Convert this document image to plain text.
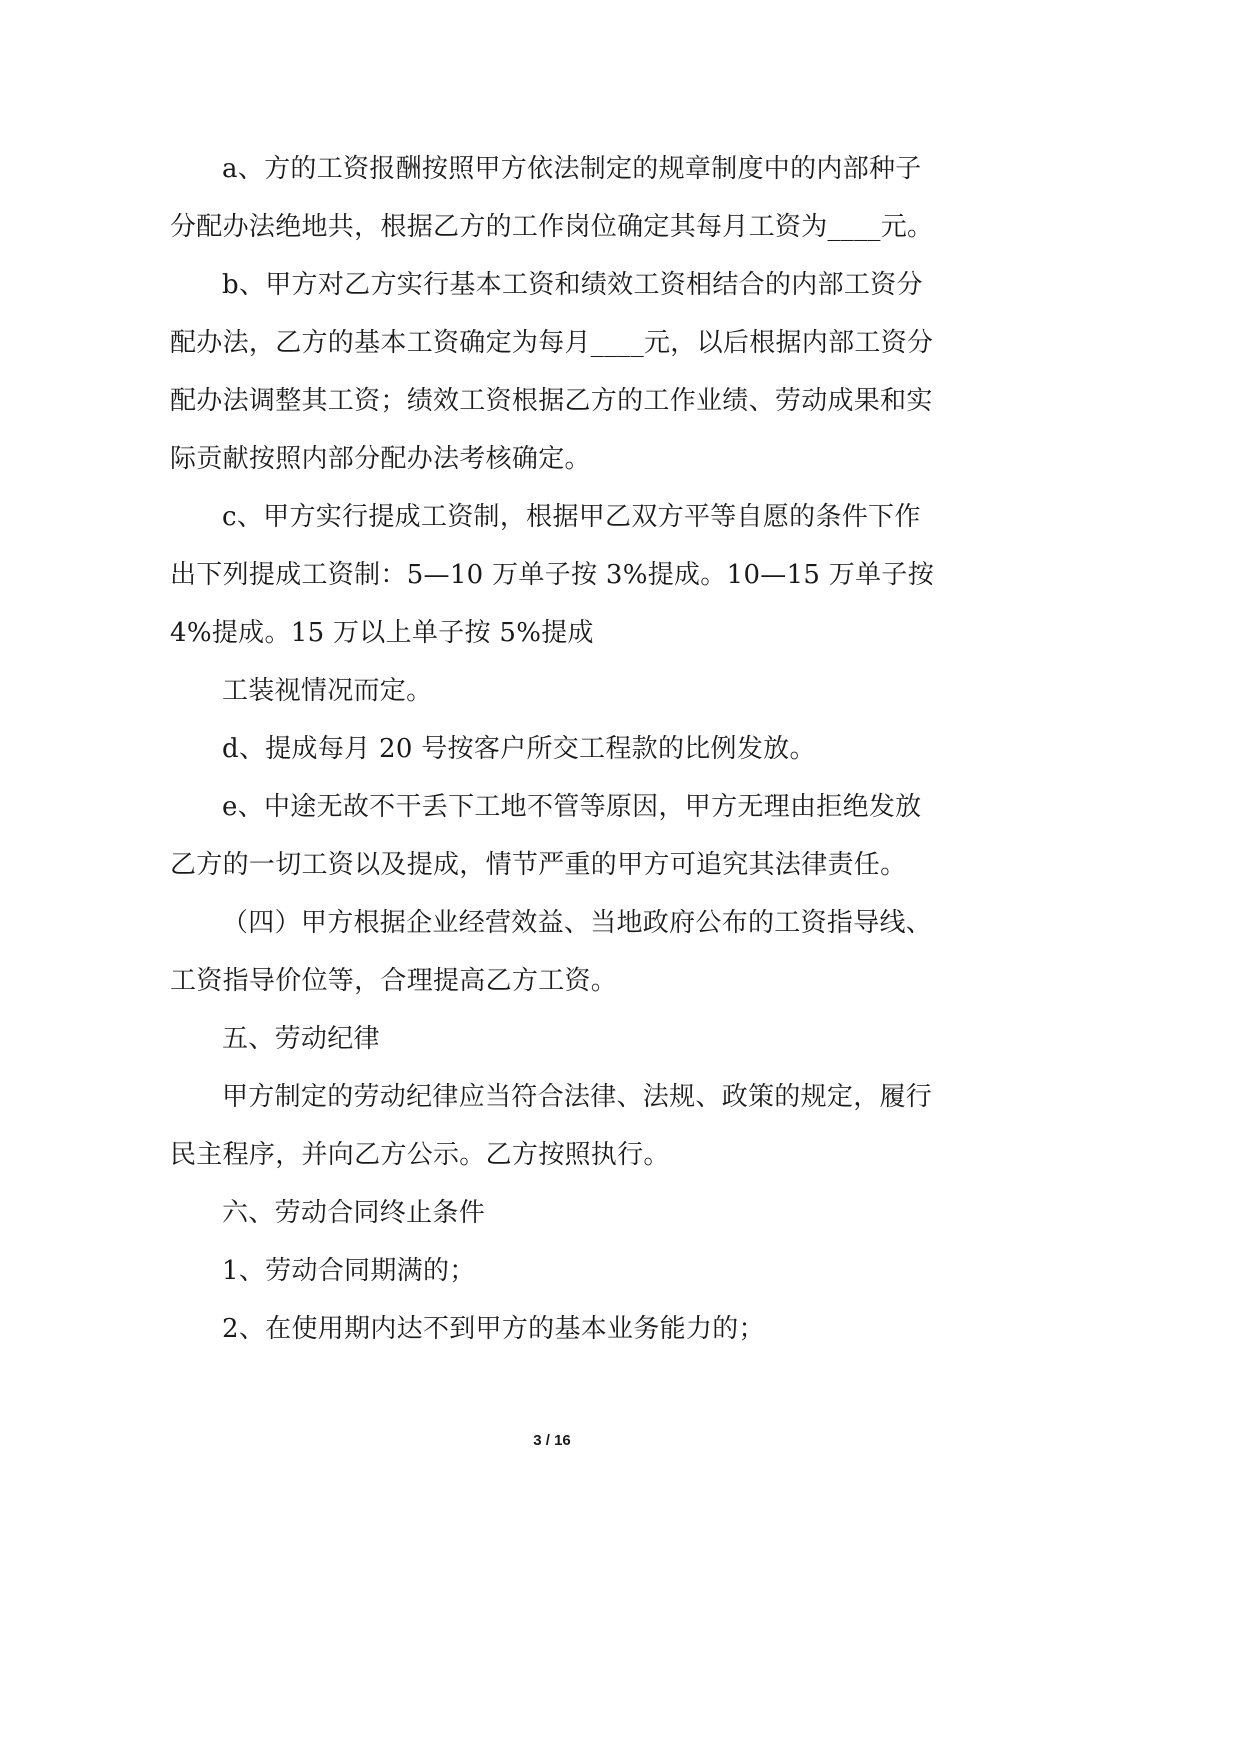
a、方的工资报酬按照甲方依法制定的规章制度中的内部种子分配办法绝地共，根据乙方的工作岗位确定其每月工资为____元。

b、甲方对乙方实行基本工资和绩效工资相结合的内部工资分配办法，乙方的基本工资确定为每月____元，以后根据内部工资分配办法调整其工资；绩效工资根据乙方的工作业绩、劳动成果和实际贡献按照内部分配办法考核确定。

c、甲方实行提成工资制，根据甲乙双方平等自愿的条件下作出下列提成工资制：5—10 万单子按 3%提成。10—15 万单子按 4%提成。15 万以上单子按 5%提成

工装视情况而定。

d、提成每月 20 号按客户所交工程款的比例发放。

e、中途无故不干丢下工地不管等原因，甲方无理由拒绝发放乙方的一切工资以及提成，情节严重的甲方可追究其法律责任。

（四）甲方根据企业经营效益、当地政府公布的工资指导线、工资指导价位等，合理提高乙方工资。

五、劳动纪律

甲方制定的劳动纪律应当符合法律、法规、政策的规定，履行民主程序，并向乙方公示。乙方按照执行。

六、劳动合同终止条件

1、劳动合同期满的；

2、在使用期内达不到甲方的基本业务能力的；

3 / 16
